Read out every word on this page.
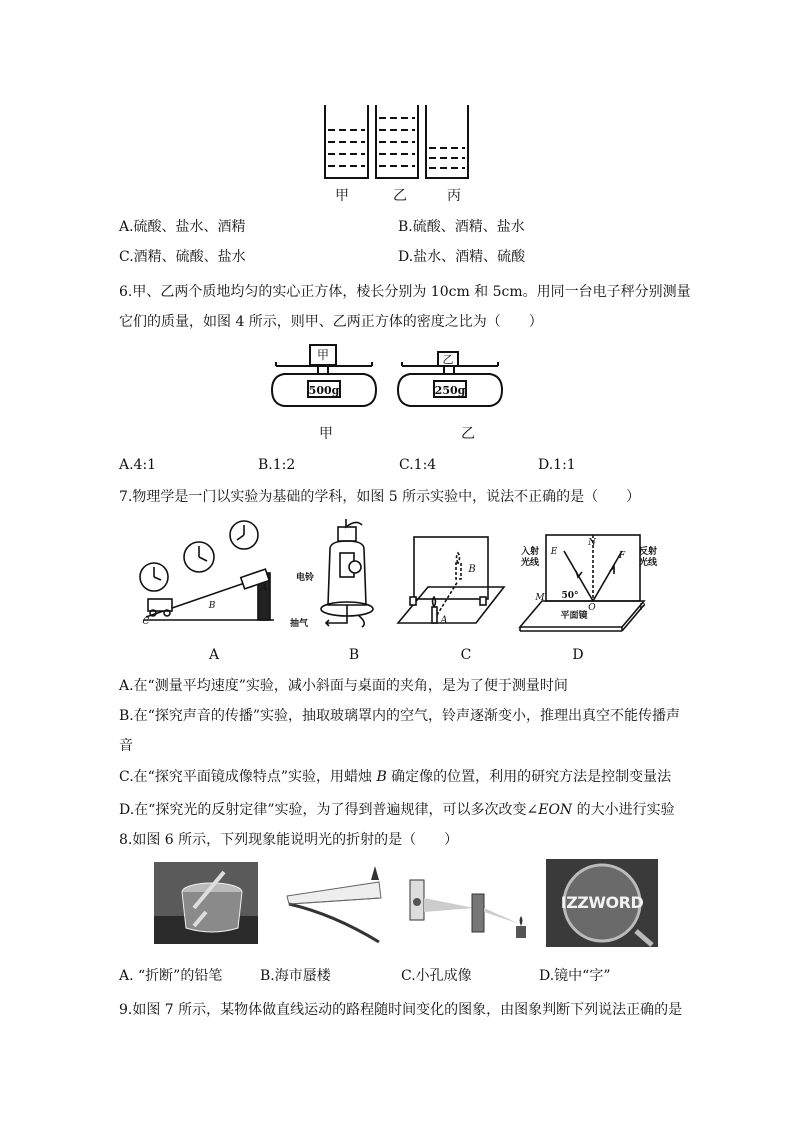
甲	乙	丙
A.硫酸、盐水、酒精	B.硫酸、酒精、盐水
C.酒精、硫酸、盐水	D.盐水、酒精、硫酸
6.甲、乙两个质地均匀的实心正方体，棱长分别为 10cm 和 5cm。用同一台电子秤分别测量
它们的质量，如图 4 所示，则甲、乙两正方体的密度之比为（　　）
甲
500g
甲
乙
250g
乙
A.4:1	B.1:2	C.1:4	D.1:1
7.物理学是一门以实验为基础的学科，如图 5 所示实验中，说法不正确的是（　　）
C
B
A
A
电铃
抽气
B
B
A
C
入射
光线
反射
光线
E
N
F
M 50°
O	P
平面镜
D
A.在“测量平均速度”实验，减小斜面与桌面的夹角，是为了便于测量时间
B.在“探究声音的传播”实验，抽取玻璃罩内的空气，铃声逐渐变小，推理出真空不能传播声
音
C.在“探究平面镜成像特点”实验，用蜡烛 B 确定像的位置，利用的研究方法是控制变量法
D.在“探究光的反射定律”实验，为了得到普遍规律，可以多次改变∠EON 的大小进行实验
8.如图 6 所示，下列现象能说明光的折射的是（　　）
IZZWORD
A. “折断”的铅笔	B.海市蜃楼	C.小孔成像	D.镜中“字”
9.如图 7 所示，某物体做直线运动的路程随时间变化的图象，由图象判断下列说法正确的是
